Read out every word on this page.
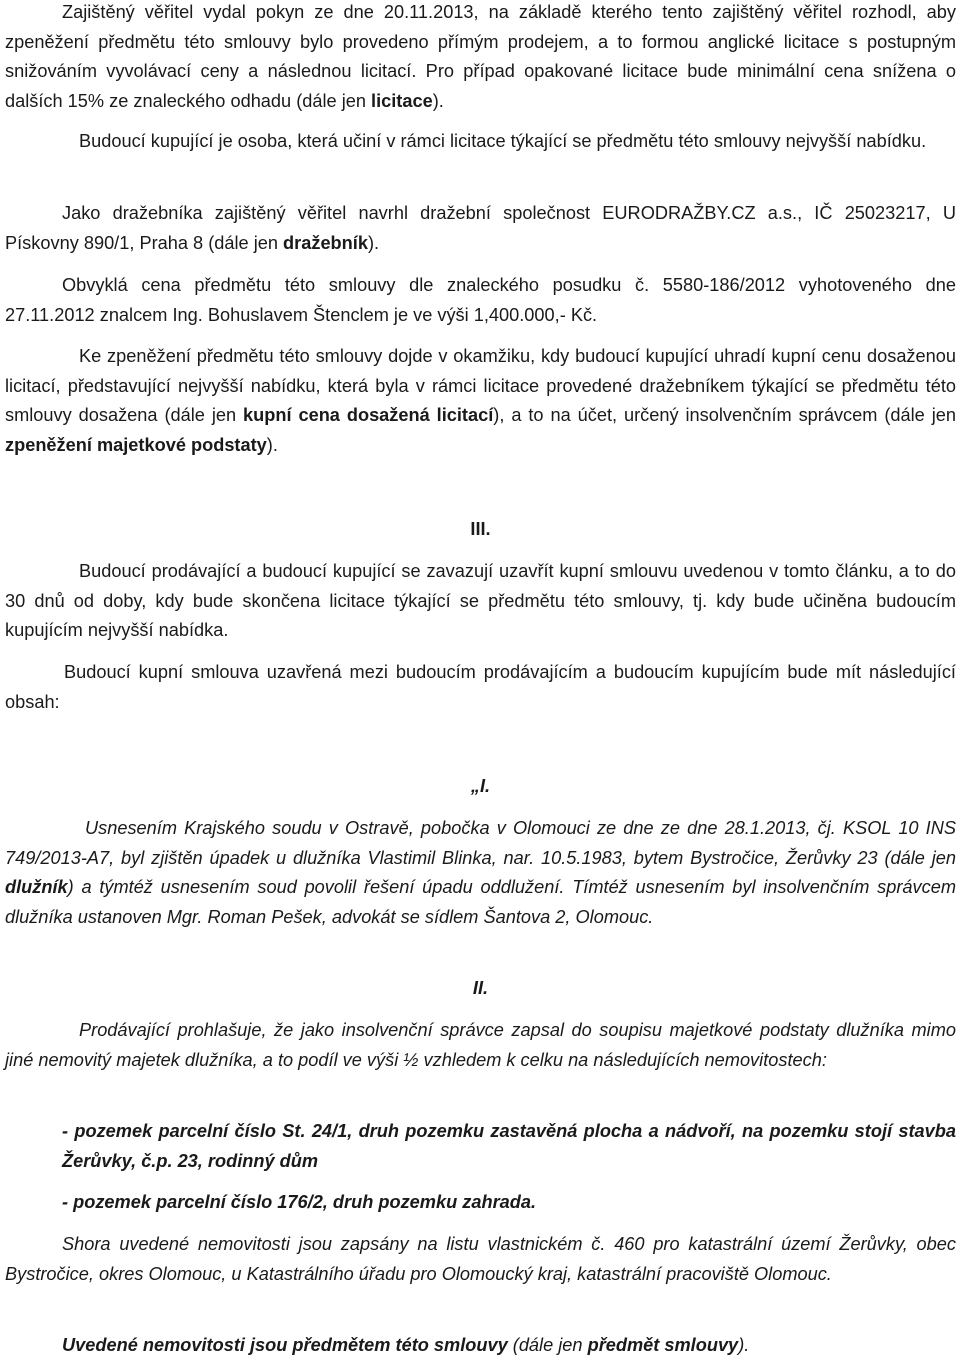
Zajištěný věřitel vydal pokyn ze dne 20.11.2013, na základě kterého tento zajištěný věřitel rozhodl, aby zpeněžení předmětu této smlouvy bylo provedeno přímým prodejem, a to formou anglické licitace s postupným snižováním vyvolávací ceny a následnou licitací. Pro případ opakované licitace bude minimální cena snížena o dalších 15% ze znaleckého odhadu (dále jen licitace).

Budoucí kupující je osoba, která učiní v rámci licitace týkající se předmětu této smlouvy nejvyšší nabídku.

Jako dražebníka zajištěný věřitel navrhl dražební společnost EURODRAŽBY.CZ a.s., IČ 25023217, U Pískovny 890/1, Praha 8 (dále jen dražebník).

Obvyklá cena předmětu této smlouvy dle znaleckého posudku č. 5580-186/2012 vyhotoveného dne 27.11.2012 znalcem Ing. Bohuslavem Štenclem je ve výši 1,400.000,- Kč.

Ke zpeněžení předmětu této smlouvy dojde v okamžiku, kdy budoucí kupující uhradí kupní cenu dosaženou licitací, představující nejvyšší nabídku, která byla v rámci licitace provedené dražebníkem týkající se předmětu této smlouvy dosažena (dále jen kupní cena dosažená licitací), a to na účet, určený insolvenčním správcem (dále jen zpeněžení majetkové podstaty).

III.

Budoucí prodávající a budoucí kupující se zavazují uzavřít kupní smlouvu uvedenou v tomto článku, a to do 30 dnů od doby, kdy bude skončena licitace týkající se předmětu této smlouvy, tj. kdy bude učiněna budoucím kupujícím nejvyšší nabídka.

Budoucí kupní smlouva uzavřená mezi budoucím prodávajícím a budoucím kupujícím bude mít následující obsah:

„I.

Usnesením Krajského soudu v Ostravě, pobočka v Olomouci ze dne ze dne 28.1.2013, čj. KSOL 10 INS 749/2013-A7, byl zjištěn úpadek u dlužníka Vlastimil Blinka, nar. 10.5.1983, bytem Bystročice, Žerůvky 23 (dále jen dlužník) a týmtéž usnesením soud povolil řešení úpadu oddlužení. Tímtéž usnesením byl insolvenčním správcem dlužníka ustanoven Mgr. Roman Pešek, advokát se sídlem Šantova 2, Olomouc.

II.

Prodávající prohlašuje, že jako insolvenční správce zapsal do soupisu majetkové podstaty dlužníka mimo jiné nemovitý majetek dlužníka, a to podíl ve výši ½ vzhledem k celku na následujících nemovitostech:

- pozemek parcelní číslo St. 24/1, druh pozemku zastavěná plocha a nádvoří, na pozemku stojí stavba Žerůvky, č.p. 23, rodinný dům

- pozemek parcelní číslo 176/2, druh pozemku zahrada.

Shora uvedené nemovitosti jsou zapsány na listu vlastnickém č. 460 pro katastrální území Žerůvky, obec Bystročice, okres Olomouc, u Katastrálního úřadu pro Olomoucký kraj, katastrální pracoviště Olomouc.

Uvedené nemovitosti jsou předmětem této smlouvy (dále jen předmět smlouvy).
